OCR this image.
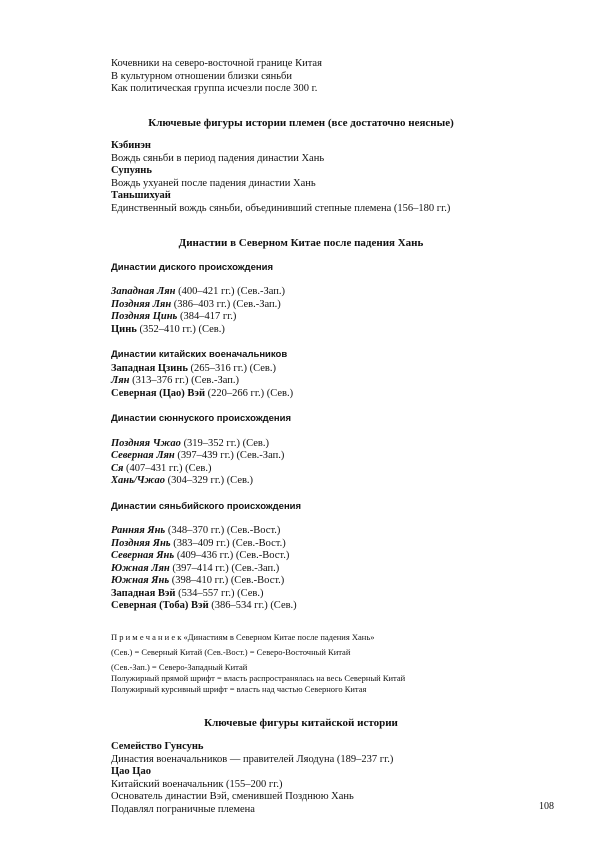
Кочевники на северо-восточной границе Китая
В культурном отношении близки сяньби
Как политическая группа исчезли после 300 г.
Ключевые фигуры истории племен (все достаточно неясные)
Кэбинэн
Вождь сяньби в период падения династии Хань
Супуянь
Вождь ухуаней после падения династии Хань
Таньшихуай
Единственный вождь сяньби, объединивший степные племена (156–180 гг.)
Династии в Северном Китае после падения Хань
Династии диского происхождения
Западная Лян (400–421 гг.) (Сев.-Зап.)
Поздняя Лян (386–403 гг.) (Сев.-Зап.)
Поздняя Цинь (384–417 гг.)
Цинь (352–410 гг.) (Сев.)
Династии китайских военачальников
Западная Цзинь (265–316 гг.) (Сев.)
Лян (313–376 гг.) (Сев.-Зап.)
Северная (Цао) Вэй (220–266 гг.) (Сев.)
Династии сюннуского происхождения
Поздняя Чжао (319–352 гг.) (Сев.)
Северная Лян (397–439 гг.) (Сев.-Зап.)
Ся (407–431 гг.) (Сев.)
Хань/Чжао (304–329 гг.) (Сев.)
Династии сяньбийского происхождения
Ранняя Янь (348–370 гг.) (Сев.-Вост.)
Поздняя Янь (383–409 гг.) (Сев.-Вост.)
Северная Янь (409–436 гг.) (Сев.-Вост.)
Южная Лян (397–414 гг.) (Сев.-Зап.)
Южная Янь (398–410 гг.) (Сев.-Вост.)
Западная Вэй (534–557 гг.) (Сев.)
Северная (Тоба) Вэй (386–534 гг.) (Сев.)
П р и м е ч а н и е к «Династиям в Северном Китае после падения Хань»
(Сев.) = Северный Китай (Сев.-Вост.) = Северо-Восточный Китай
(Сев.-Зап.) = Северо-Западный Китай
Полужирный прямой шрифт = власть распространялась на весь Северный Китай
Полужирный курсивный шрифт = власть над частью Северного Китая
Ключевые фигуры китайской истории
Семейство Гунсунь
Династия военачальников — правителей Ляодуна (189–237 гг.)
Цао Цао
Китайский военачальник (155–200 гг.)
Основатель династии Вэй, сменившей Позднюю Хань
Подавлял пограничные племена	108
